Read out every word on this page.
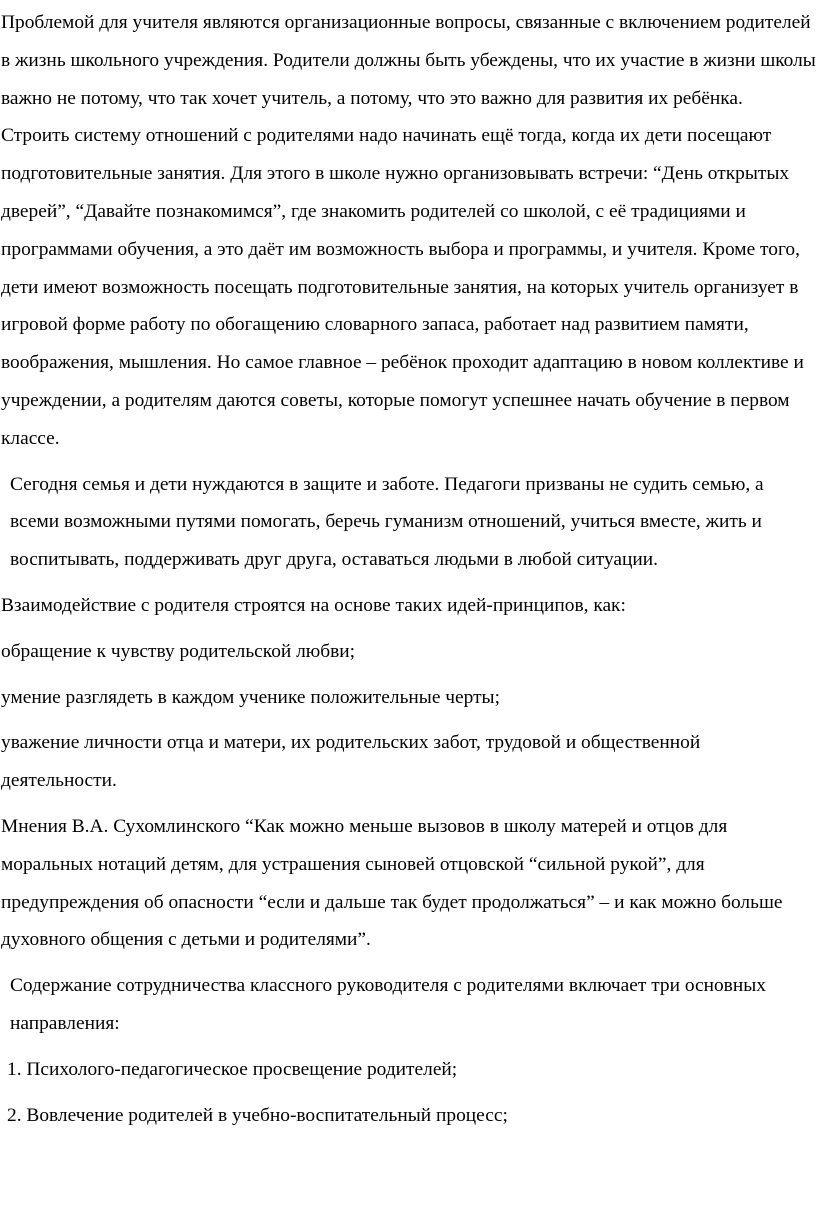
Проблемой для учителя являются организационные вопросы, связанные с включением родителей в жизнь школьного учреждения. Родители должны быть убеждены, что их участие в жизни школы важно не потому, что так хочет учитель, а потому, что это важно для развития их ребёнка. Строить систему отношений с родителями надо начинать ещё тогда, когда их дети посещают подготовительные занятия. Для этого в школе нужно организовывать встречи: “День открытых дверей”, “Давайте познакомимся”, где знакомить родителей со школой, с её традициями и программами обучения, а это даёт им возможность выбора и программы, и учителя. Кроме того, дети имеют возможность посещать подготовительные занятия, на которых учитель организует в игровой форме работу по обогащению словарного запаса, работает над развитием памяти, воображения, мышления. Но самое главное – ребёнок проходит адаптацию в новом коллективе и учреждении, а родителям даются советы, которые помогут успешнее начать обучение в первом классе.

Сегодня семья и дети нуждаются в защите и заботе. Педагоги призваны не судить семью, а всеми возможными путями помогать, беречь гуманизм отношений, учиться вместе, жить и воспитывать, поддерживать друг друга, оставаться людьми в любой ситуации.

Взаимодействие с родителя строятся на основе таких идей-принципов, как:

обращение к чувству родительской любви;

умение разглядеть в каждом ученике положительные черты;

уважение личности отца и матери, их родительских забот, трудовой и общественной деятельности.

Мнения В.А. Сухомлинского “Как можно меньше вызовов в школу матерей и отцов для моральных нотаций детям, для устрашения сыновей отцовской “сильной рукой”, для предупреждения об опасности “если и дальше так будет продолжаться” – и как можно больше духовного общения с детьми и родителями”.

Содержание сотрудничества классного руководителя с родителями включает три основных направления:

1. Психолого-педагогическое просвещение родителей;

2. Вовлечение родителей в учебно-воспитательный процесс;
